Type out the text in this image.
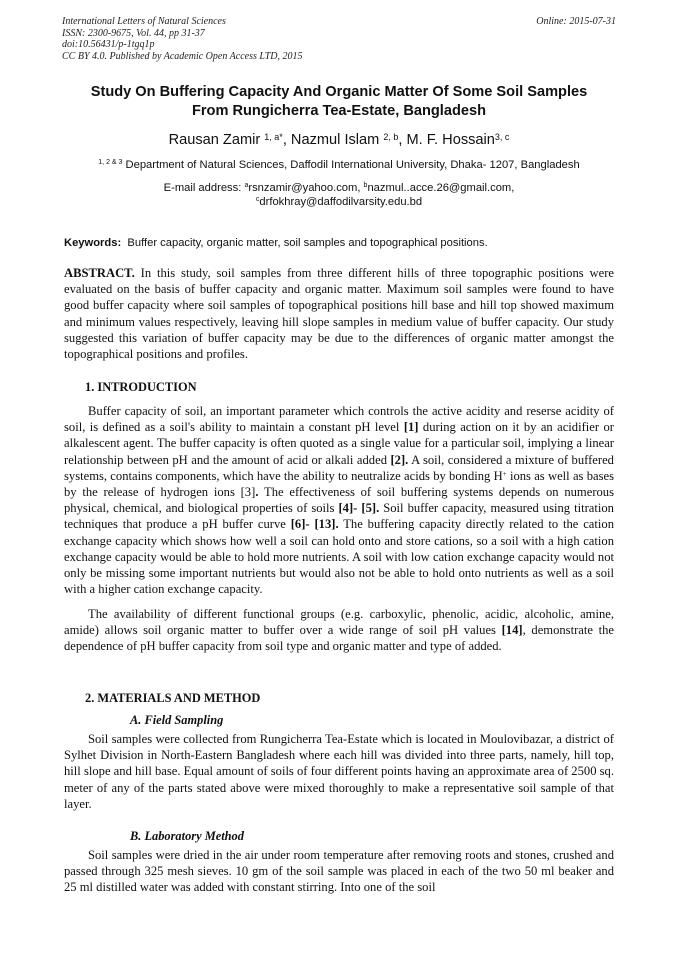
International Letters of Natural Sciences
ISSN: 2300-9675, Vol. 44, pp 31-37
doi:10.56431/p-1tgq1p
CC BY 4.0. Published by Academic Open Access LTD, 2015
Online: 2015-07-31
Study On Buffering Capacity And Organic Matter Of Some Soil Samples
From Rungicherra Tea-Estate, Bangladesh
Rausan Zamir $^{1, a*}$, Nazmul Islam $^{2, b}$, M. F. Hossain$^{3, c}$
$^{1, 2 \& 3}$ Department of Natural Sciences, Daffodil International University, Dhaka- 1207, Bangladesh
E-mail address: $^a$rsnzamir@yahoo.com, $^b$nazmul..acce.26@gmail.com,
$^c$drfokhray@daffodilvarsity.edu.bd
Keywords: Buffer capacity, organic matter, soil samples and topographical positions.
ABSTRACT. In this study, soil samples from three different hills of three topographic positions were evaluated on the basis of buffer capacity and organic matter. Maximum soil samples were found to have good buffer capacity where soil samples of topographical positions hill base and hill top showed maximum and minimum values respectively, leaving hill slope samples in medium value of buffer capacity. Our study suggested this variation of buffer capacity may be due to the differences of organic matter amongst the topographical positions and profiles.
1. INTRODUCTION
Buffer capacity of soil, an important parameter which controls the active acidity and reserse acidity of soil, is defined as a soil's ability to maintain a constant pH level [1] during action on it by an acidifier or alkalescent agent. The buffer capacity is often quoted as a single value for a particular soil, implying a linear relationship between pH and the amount of acid or alkali added [2]. A soil, considered a mixture of buffered systems, contains components, which have the ability to neutralize acids by bonding H+ ions as well as bases by the release of hydrogen ions [3]. The effectiveness of soil buffering systems depends on numerous physical, chemical, and biological properties of soils [4]- [5]. Soil buffer capacity, measured using titration techniques that produce a pH buffer curve [6]- [13]. The buffering capacity directly related to the cation exchange capacity which shows how well a soil can hold onto and store cations, so a soil with a high cation exchange capacity would be able to hold more nutrients. A soil with low cation exchange capacity would not only be missing some important nutrients but would also not be able to hold onto nutrients as well as a soil with a higher cation exchange capacity.
The availability of different functional groups (e.g. carboxylic, phenolic, acidic, alcoholic, amine, amide) allows soil organic matter to buffer over a wide range of soil pH values [14], demonstrate the dependence of pH buffer capacity from soil type and organic matter and type of added.
2. MATERIALS AND METHOD
A. Field Sampling
Soil samples were collected from Rungicherra Tea-Estate which is located in Moulovibazar, a district of Sylhet Division in North-Eastern Bangladesh where each hill was divided into three parts, namely, hill top, hill slope and hill base. Equal amount of soils of four different points having an approximate area of 2500 sq. meter of any of the parts stated above were mixed thoroughly to make a representative soil sample of that layer.
B. Laboratory Method
Soil samples were dried in the air under room temperature after removing roots and stones, crushed and passed through 325 mesh sieves. 10 gm of the soil sample was placed in each of the two 50 ml beaker and 25 ml distilled water was added with constant stirring. Into one of the soil
